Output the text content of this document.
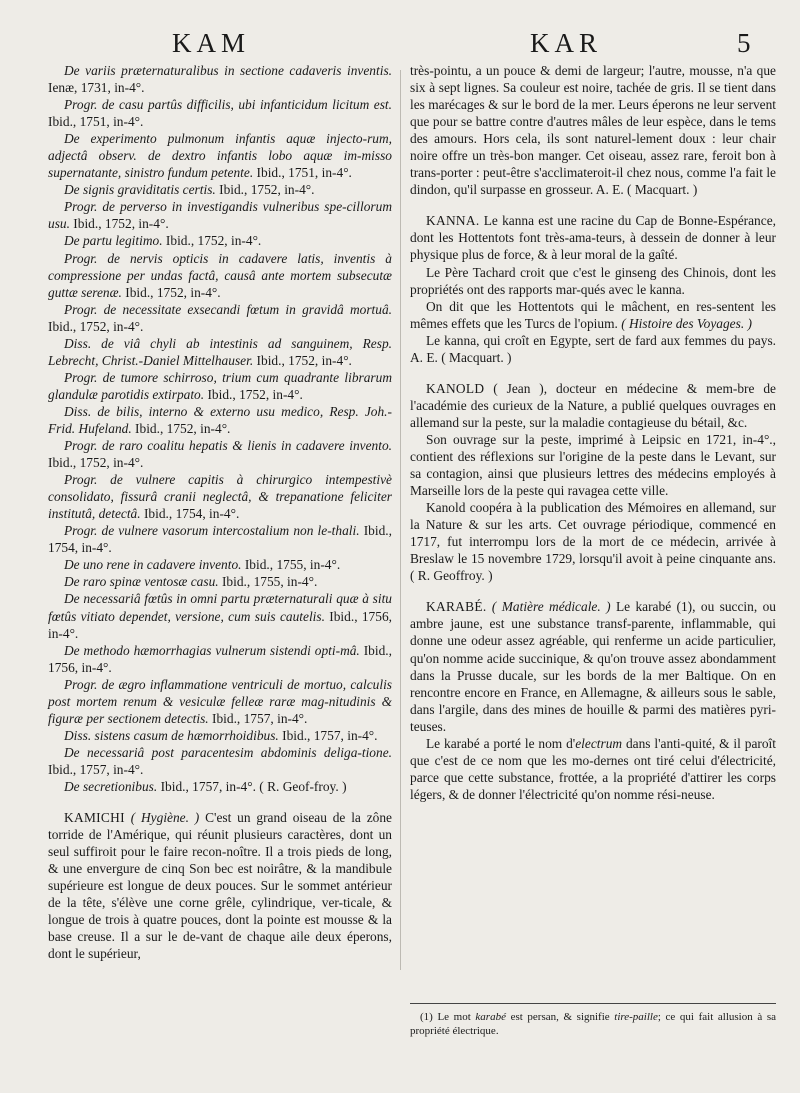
KAM	KAR	5

De variis præternaturalibus in sectione cadaveris inventis. Ienæ, 1731, in-4°.

Progr. de casu partûs difficilis, ubi infanticidum licitum est. Ibid., 1751, in-4°.

De experimento pulmonum infantis aquæ injecto-rum, adjectâ observ. de dextro infantis lobo aquæ im-misso supernatante, sinistro fundum petente. Ibid., 1751, in-4°.

De signis graviditatis certis. Ibid., 1752, in-4°.

Progr. de perverso in investigandis vulneribus spe-cillorum usu. Ibid., 1752, in-4°.

De partu legitimo. Ibid., 1752, in-4°.

Progr. de nervis opticis in cadavere latis, inventis à compressione per undas factâ, causâ ante mortem subsecutæ guttæ serenæ. Ibid., 1752, in-4°.

Progr. de necessitate exsecandi fœtum in gravidâ mortuâ. Ibid., 1752, in-4°.

Diss. de viâ chyli ab intestinis ad sanguinem, Resp. Lebrecht, Christ.-Daniel Mittelhauser. Ibid., 1752, in-4°.

Progr. de tumore schirroso, trium cum quadrante librarum glandulæ parotidis extirpato. Ibid., 1752, in-4°.

Diss. de bilis, interno & externo usu medico, Resp. Joh.-Frid. Hufeland. Ibid., 1752, in-4°.

Progr. de raro coalitu hepatis & lienis in cadavere invento. Ibid., 1752, in-4°.

Progr. de vulnere capitis à chirurgico intempestivè consolidato, fissurâ cranii neglectâ, & trepanatione feliciter institutâ, detectâ. Ibid., 1754, in-4°.

Progr. de vulnere vasorum intercostalium non le-thali. Ibid., 1754, in-4°.

De uno rene in cadavere invento. Ibid., 1755, in-4°.

De raro spinæ ventosæ casu. Ibid., 1755, in-4°.

De necessariâ fœtûs in omni partu præternaturali quæ à situ fœtûs vitiato dependet, versione, cum suis cautelis. Ibid., 1756, in-4°.

De methodo hæmorrhagias vulnerum sistendi opti-mâ. Ibid., 1756, in-4°.

Progr. de ægro inflammatione ventriculi de mortuo, calculis post mortem renum & vesiculæ felleæ raræ mag-nitudinis & figuræ per sectionem detectis. Ibid., 1757, in-4°.

Diss. sistens casum de hæmorrhoidibus. Ibid., 1757, in-4°.

De necessariâ post paracentesim abdominis deliga-tione. Ibid., 1757, in-4°.

De secretionibus. Ibid., 1757, in-4°. ( R. Geof-froy. )

KAMICHI ( Hygiène. ) C'est un grand oiseau de la zône torride de l'Amérique, qui réunit plusieurs caractères, dont un seul suffiroit pour le faire recon-noître. Il a trois pieds de long, & une envergure de cinq Son bec est noirâtre, & la mandibule supérieure est longue de deux pouces. Sur le sommet antérieur de la tête, s'élève une corne grêle, cylindrique, ver-ticale, & longue de trois à quatre pouces, dont la pointe est mousse & la base creuse. Il a sur le de-vant de chaque aile deux éperons, dont le supérieur,

très-pointu, a un pouce & demi de largeur; l'autre, mousse, n'a que six à sept lignes. Sa couleur est noire, tachée de gris. Il se tient dans les marécages & sur le bord de la mer. Leurs éperons ne leur servent que pour se battre contre d'autres mâles de leur espèce, dans le tems des amours. Hors cela, ils sont naturel-lement doux : leur chair noire offre un très-bon manger. Cet oiseau, assez rare, feroit bon à trans-porter : peut-être s'acclimateroit-il chez nous, comme l'a fait le dindon, qu'il surpasse en grosseur. A. E. ( Macquart. )

KANNA. Le kanna est une racine du Cap de Bonne-Espérance, dont les Hottentots font très-ama-teurs, à dessein de donner à leur physique plus de force, & à leur moral de la gaîté.

Le Père Tachard croit que c'est le ginseng des Chinois, dont les propriétés ont des rapports mar-qués avec le kanna.

On dit que les Hottentots qui le mâchent, en res-sentent les mêmes effets que les Turcs de l'opium. ( Histoire des Voyages. )

Le kanna, qui croît en Egypte, sert de fard aux femmes du pays. A. E. ( Macquart. )

KANOLD ( Jean ), docteur en médecine & mem-bre de l'académie des curieux de la Nature, a publié quelques ouvrages en allemand sur la peste, sur la maladie contagieuse du bétail, &c.

Son ouvrage sur la peste, imprimé à Leipsic en 1721, in-4°., contient des réflexions sur l'origine de la peste dans le Levant, sur sa contagion, ainsi que plusieurs lettres des médecins employés à Marseille lors de la peste qui ravagea cette ville.

Kanold coopéra à la publication des Mémoires en allemand, sur la Nature & sur les arts. Cet ouvrage périodique, commencé en 1717, fut interrompu lors de la mort de ce médecin, arrivée à Breslaw le 15 novembre 1729, lorsqu'il avoit à peine cinquante ans. ( R. Geoffroy. )

KARABÉ. ( Matière médicale. ) Le karabé (1), ou succin, ou ambre jaune, est une substance transf-parente, inflammable, qui donne une odeur assez agréable, qui renferme un acide particulier, qu'on nomme acide succinique, & qu'on trouve assez abondamment dans la Prusse ducale, sur les bords de la mer Baltique. On en rencontre encore en France, en Allemagne, & ailleurs sous le sable, dans l'argile, dans des mines de houille & parmi des matières pyri-teuses.

Le karabé a porté le nom d'electrum dans l'anti-quité, & il paroît que c'est de ce nom que les mo-dernes ont tiré celui d'électricité, parce que cette substance, frottée, a la propriété d'attirer les corps légers, & de donner l'électricité qu'on nomme rési-neuse.

(1) Le mot karabé est persan, & signifie tire-paille; ce qui fait allusion à sa propriété électrique.
